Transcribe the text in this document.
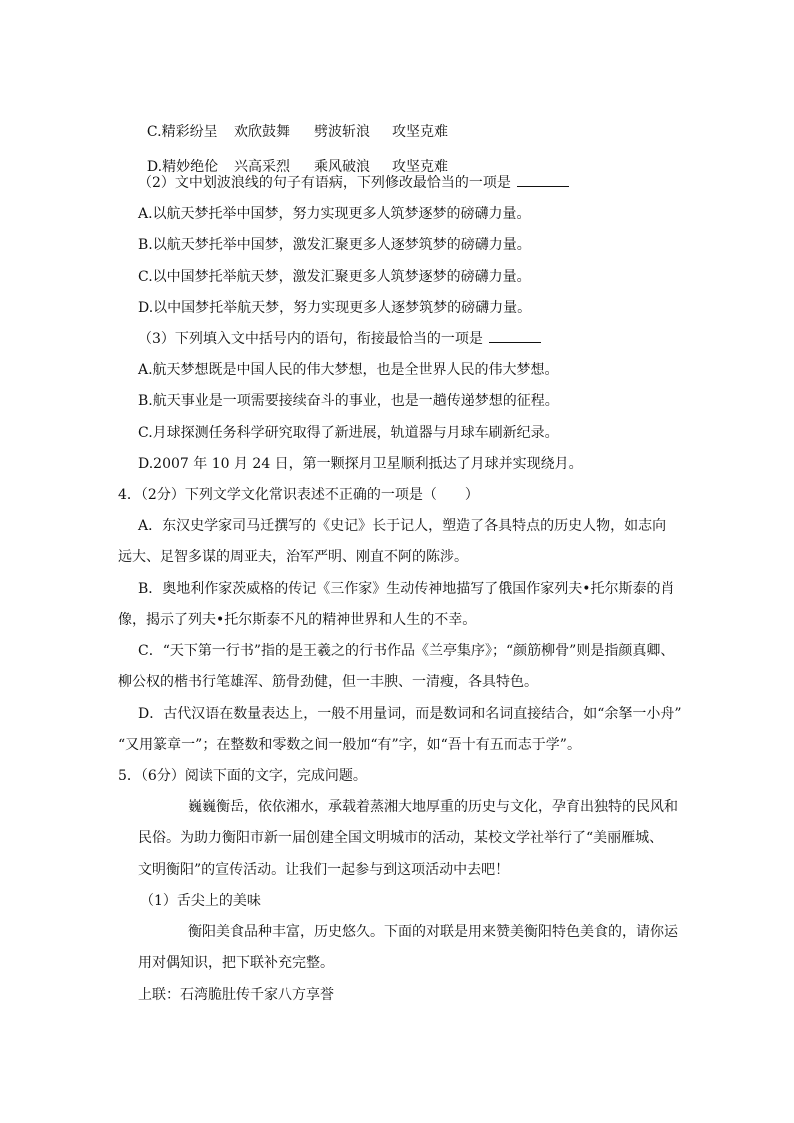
C.精彩纷呈 欢欣鼓舞 劈波斩浪 攻坚克难

D.精妙绝伦 兴高采烈 乘风破浪 攻坚克难

（2）文中划波浪线的句子有语病，下列修改最恰当的一项是
A.以航天梦托举中国梦，努力实现更多人筑梦逐梦的磅礴力量。
B.以航天梦托举中国梦，激发汇聚更多人逐梦筑梦的磅礴力量。
C.以中国梦托举航天梦，激发汇聚更多人筑梦逐梦的磅礴力量。
D.以中国梦托举航天梦，努力实现更多人逐梦筑梦的磅礴力量。
（3）下列填入文中括号内的语句，衔接最恰当的一项是
A.航天梦想既是中国人民的伟大梦想，也是全世界人民的伟大梦想。
B.航天事业是一项需要接续奋斗的事业，也是一趟传递梦想的征程。
C.月球探测任务科学研究取得了新进展，轨道器与月球车刷新纪录。
D.2007 年 10 月 24 日，第一颗探月卫星顺利抵达了月球并实现绕月。
4．（2分）下列文学文化常识表述不正确的一项是（　　）
A．东汉史学家司马迁撰写的《史记》长于记人，塑造了各具特点的历史人物，如志向
远大、足智多谋的周亚夫，治军严明、刚直不阿的陈涉。
B．奥地利作家茨威格的传记《三作家》生动传神地描写了俄国作家列夫•托尔斯泰的肖
像，揭示了列夫•托尔斯泰不凡的精神世界和人生的不幸。
C．“天下第一行书”指的是王羲之的行书作品《兰亭集序》；“颜筋柳骨”则是指颜真卿、
柳公权的楷书行笔雄浑、筋骨劲健，但一丰腴、一清瘦，各具特色。
D．古代汉语在数量表达上，一般不用量词，而是数词和名词直接结合，如“余拏一小舟”
“又用篆章一”；在整数和零数之间一般加“有”字，如“吾十有五而志于学”。
5．（6分）阅读下面的文字，完成问题。
巍巍衡岳，依依湘水，承载着蒸湘大地厚重的历史与文化，孕育出独特的民风和
民俗。为助力衡阳市新一届创建全国文明城市的活动，某校文学社举行了“美丽雁城、
文明衡阳”的宣传活动。让我们一起参与到这项活动中去吧！
（1）舌尖上的美味
衡阳美食品种丰富，历史悠久。下面的对联是用来赞美衡阳特色美食的，请你运
用对偶知识，把下联补充完整。
上联：石湾脆肚传千家八方享誉
